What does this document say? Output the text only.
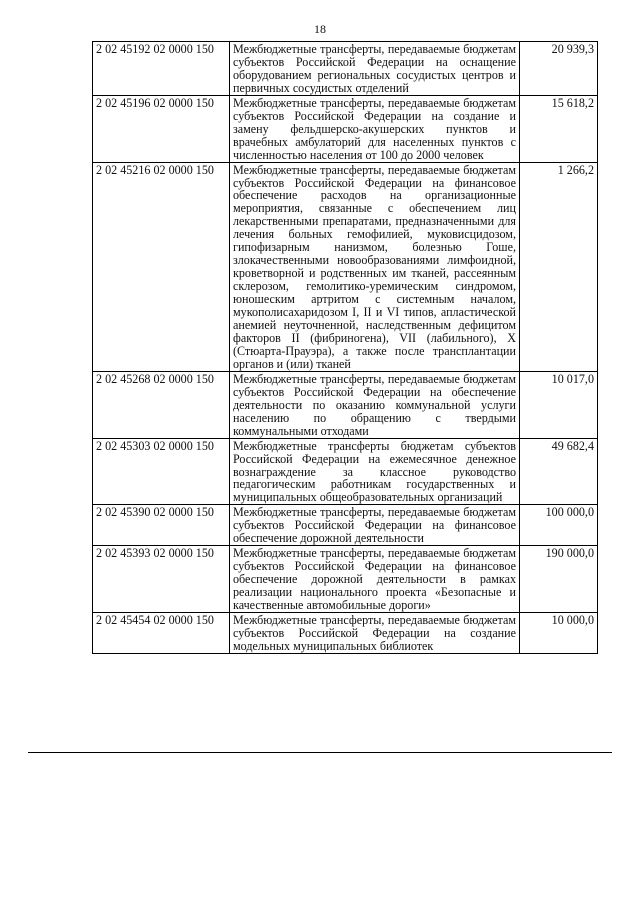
18
2 02 45192 02 0000 150	Межбюджетные трансферты, передаваемые бюджетам субъектов Российской Федерации на оснащение оборудованием региональных сосудистых центров и первичных сосудистых отделений	20 939,3
2 02 45196 02 0000 150	Межбюджетные трансферты, передаваемые бюджетам субъектов Российской Федерации на создание и замену фельдшерско-акушерских пунктов и врачебных амбулаторий для населенных пунктов с численностью населения от 100 до 2000 человек	15 618,2
2 02 45216 02 0000 150	Межбюджетные трансферты, передаваемые бюджетам субъектов Российской Федерации на финансовое обеспечение расходов на организационные мероприятия, связанные с обеспечением лиц лекарственными препаратами, предназначенными для лечения больных гемофилией, муковисцидозом, гипофизарным нанизмом, болезнью Гоше, злокачественными новообразованиями лимфоидной, кроветворной и родственных им тканей, рассеянным склерозом, гемолитико-уремическим синдромом, юношеским артритом с системным началом, мукополисахаридозом I, II и VI типов, апластической анемией неуточненной, наследственным дефицитом факторов II (фибриногена), VII (лабильного), X (Стюарта-Прауэра), а также после трансплантации органов и (или) тканей	1 266,2
2 02 45268 02 0000 150	Межбюджетные трансферты, передаваемые бюджетам субъектов Российской Федерации на обеспечение деятельности по оказанию коммунальной услуги населению по обращению с твердыми коммунальными отходами	10 017,0
2 02 45303 02 0000 150	Межбюджетные трансферты бюджетам субъектов Российской Федерации на ежемесячное денежное вознаграждение за классное руководство педагогическим работникам государственных и муниципальных общеобразовательных организаций	49 682,4
2 02 45390 02 0000 150	Межбюджетные трансферты, передаваемые бюджетам субъектов Российской Федерации на финансовое обеспечение дорожной деятельности	100 000,0
2 02 45393 02 0000 150	Межбюджетные трансферты, передаваемые бюджетам субъектов Российской Федерации на финансовое обеспечение дорожной деятельности в рамках реализации национального проекта «Безопасные и качественные автомобильные дороги»	190 000,0
2 02 45454 02 0000 150	Межбюджетные трансферты, передаваемые бюджетам субъектов Российской Федерации на создание модельных муниципальных библиотек	10 000,0
